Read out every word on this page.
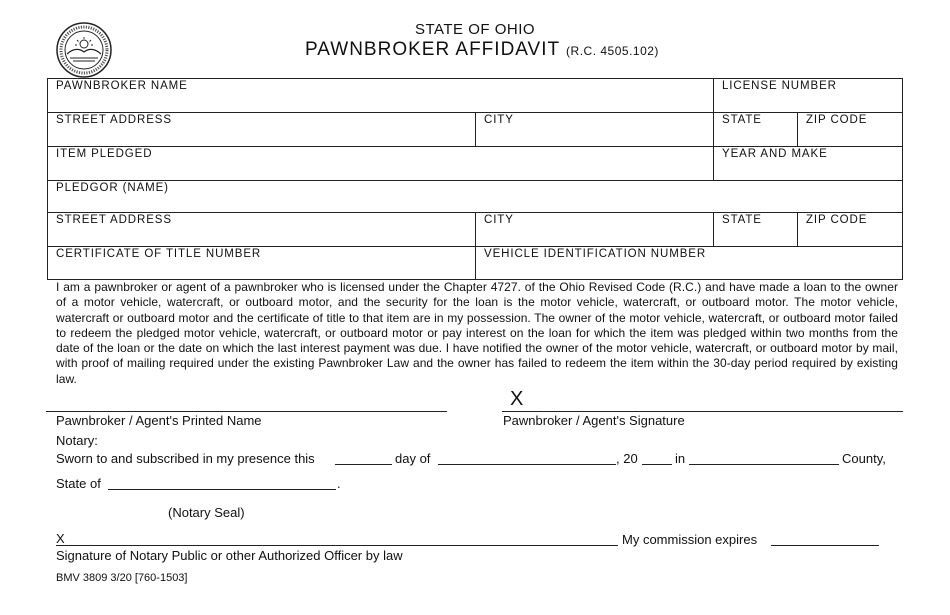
STATE OF OHIO
PAWNBROKER AFFIDAVIT (R.C. 4505.102)
PAWNBROKER NAME	LICENSE NUMBER
STREET ADDRESS	CITY	STATE	ZIP CODE
ITEM PLEDGED	YEAR AND MAKE
PLEDGOR (NAME)
STREET ADDRESS	CITY	STATE	ZIP CODE
CERTIFICATE OF TITLE NUMBER	VEHICLE IDENTIFICATION NUMBER
I am a pawnbroker or agent of a pawnbroker who is licensed under the Chapter 4727. of the Ohio Revised Code (R.C.) and have made a loan to the owner of a motor vehicle, watercraft, or outboard motor, and the security for the loan is the motor vehicle, watercraft, or outboard motor. The motor vehicle, watercraft or outboard motor and the certificate of title to that item are in my possession. The owner of the motor vehicle, watercraft, or outboard motor failed to redeem the pledged motor vehicle, watercraft, or outboard motor or pay interest on the loan for which the item was pledged within two months from the date of the loan or the date on which the last interest payment was due. I have notified the owner of the motor vehicle, watercraft, or outboard motor by mail, with proof of mailing required under the existing Pawnbroker Law and the owner has failed to redeem the item within the 30-day period required by existing law.
X
Pawnbroker / Agent's Printed Name	Pawnbroker / Agent's Signature
Notary:
Sworn to and subscribed in my presence this	day of	, 20	in	County,
State of	.
(Notary Seal)
X	My commission expires
Signature of Notary Public or other Authorized Officer by law
BMV 3809 3/20 [760-1503]
